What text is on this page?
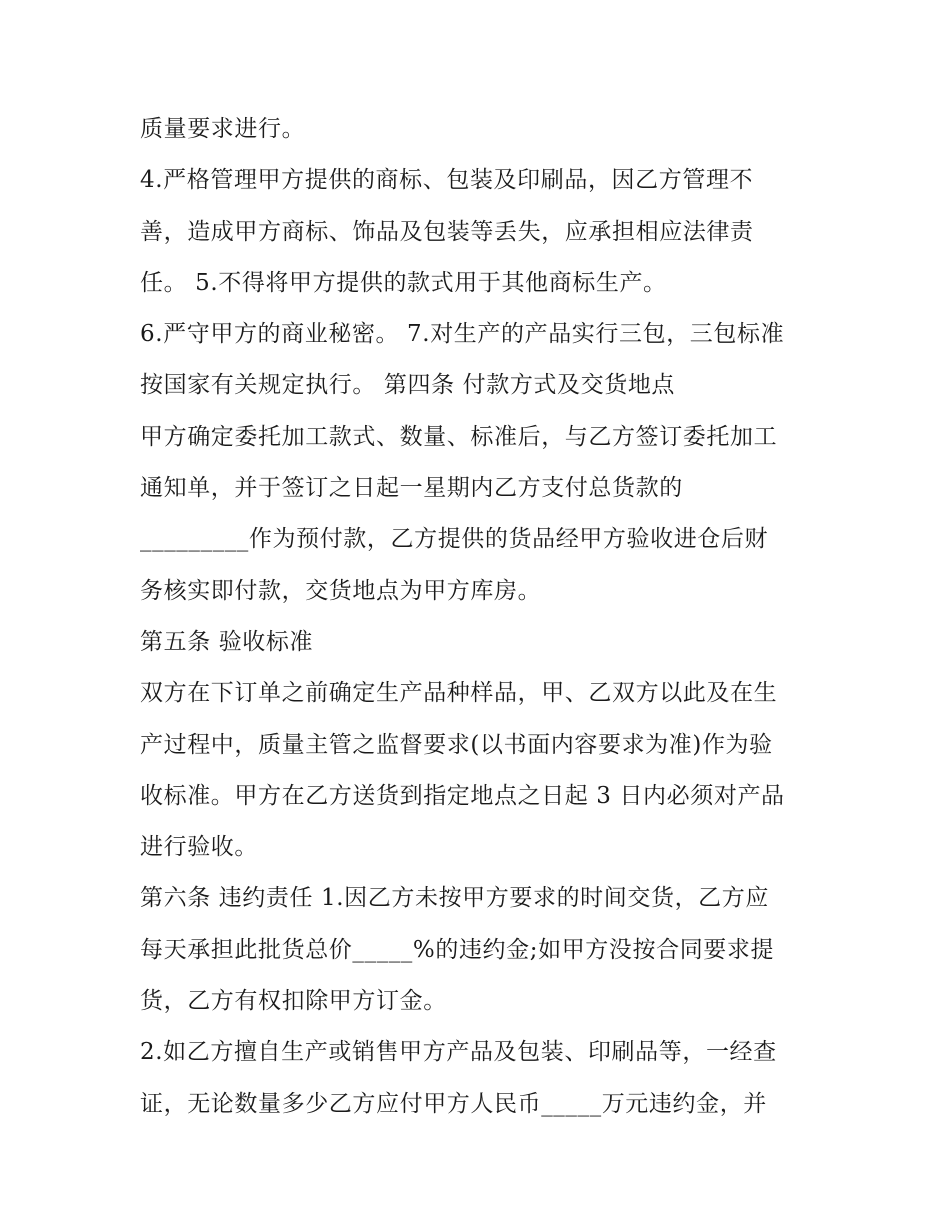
质量要求进行。
4.严格管理甲方提供的商标、包装及印刷品，因乙方管理不
善，造成甲方商标、饰品及包装等丢失，应承担相应法律责
任。 5.不得将甲方提供的款式用于其他商标生产。
6.严守甲方的商业秘密。 7.对生产的产品实行三包，三包标准
按国家有关规定执行。 第四条 付款方式及交货地点
甲方确定委托加工款式、数量、标准后，与乙方签订委托加工
通知单，并于签订之日起一星期内乙方支付总货款的
_________作为预付款，乙方提供的货品经甲方验收进仓后财
务核实即付款，交货地点为甲方库房。
第五条 验收标准
双方在下订单之前确定生产品种样品，甲、乙双方以此及在生
产过程中，质量主管之监督要求(以书面内容要求为准)作为验
收标准。甲方在乙方送货到指定地点之日起 3 日内必须对产品
进行验收。
第六条 违约责任 1.因乙方未按甲方要求的时间交货，乙方应
每天承担此批货总价_____%的违约金;如甲方没按合同要求提
货，乙方有权扣除甲方订金。
2.如乙方擅自生产或销售甲方产品及包装、印刷品等，一经查
证，无论数量多少乙方应付甲方人民币_____万元违约金，并
